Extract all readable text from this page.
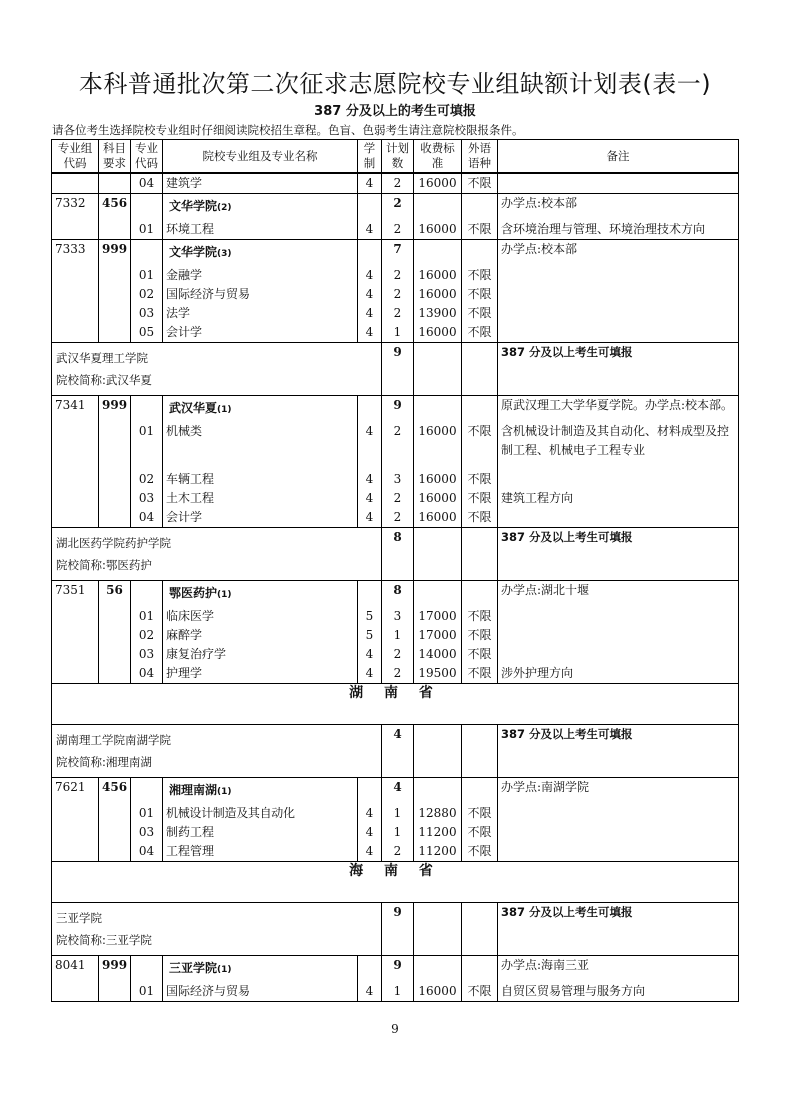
本科普通批次第二次征求志愿院校专业组缺额计划表(表一)
387 分及以上的考生可填报
请各位考生选择院校专业组时仔细阅读院校招生章程。色盲、色弱考生请注意院校限报条件。
专业组代码	科目要求	专业代码	院校专业组及专业名称	学制	计划数	收费标准	外语语种	备注
		04	建筑学	4	2	16000	不限	
7332	456		文华学院(2)		2			办学点:校本部
		01	环境工程	4	2	16000	不限	含环境治理与管理、环境治理技术方向
7333	999		文华学院(3)		7			办学点:校本部
		01	金融学	4	2	16000	不限	
		02	国际经济与贸易	4	2	16000	不限	
		03	法学	4	2	13900	不限	
		05	会计学	4	1	16000	不限	

武汉华夏理工学院
院校简称:武汉华夏					9			387 分及以上考生可填报
7341	999		武汉华夏(1)		9			原武汉理工大学华夏学院。办学点:校本部。
		01	机械类	4	2	16000	不限	含机械设计制造及其自动化、材料成型及控制工程、机械电子工程专业
		02	车辆工程	4	3	16000	不限	
		03	土木工程	4	2	16000	不限	建筑工程方向
		04	会计学	4	2	16000	不限	

湖北医药学院药护学院
院校简称:鄂医药护					8			387 分及以上考生可填报
7351	56		鄂医药护(1)		8			办学点:湖北十堰
		01	临床医学	5	3	17000	不限	
		02	麻醉学	5	1	17000	不限	
		03	康复治疗学	4	2	14000	不限	
		04	护理学	4	2	19500	不限	涉外护理方向
湖 南 省								

湖南理工学院南湖学院
院校简称:湘理南湖					4			387 分及以上考生可填报
7621	456		湘理南湖(1)		4			办学点:南湖学院
		01	机械设计制造及其自动化	4	1	12880	不限	
		03	制药工程	4	1	11200	不限	
		04	工程管理	4	2	11200	不限	
海 南 省								

三亚学院
院校简称:三亚学院					9			387 分及以上考生可填报
8041	999		三亚学院(1)		9			办学点:海南三亚
		01	国际经济与贸易	4	1	16000	不限	自贸区贸易管理与服务方向
9
